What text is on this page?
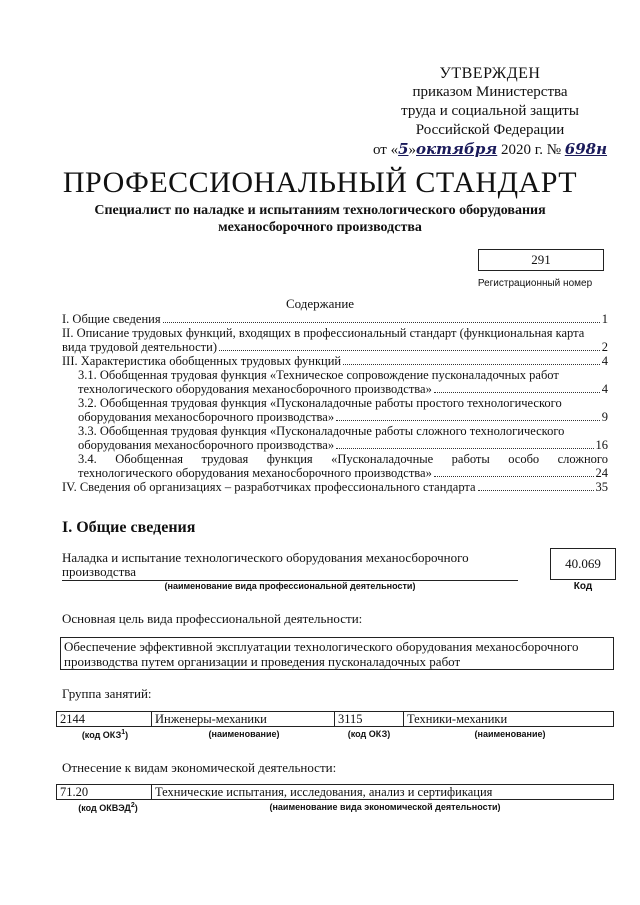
УТВЕРЖДЕН
приказом Министерства
труда и социальной защиты
Российской Федерации
от «5»октября 2020 г. № 698н
ПРОФЕССИОНАЛЬНЫЙ СТАНДАРТ
Специалист по наладке и испытаниям технологического оборудования механосборочного производства
291
Регистрационный номер
Содержание
I. Общие сведения	1
II. Описание трудовых функций, входящих в профессиональный стандарт (функциональная карта
вида трудовой деятельности)	2
III. Характеристика обобщенных трудовых функций	4
3.1. Обобщенная трудовая функция «Техническое сопровождение пусконаладочных работ
технологического оборудования механосборочного производства»	4
3.2. Обобщенная трудовая функция «Пусконаладочные работы простого технологического
оборудования механосборочного производства»	9
3.3. Обобщенная трудовая функция «Пусконаладочные работы сложного технологического
оборудования механосборочного производства»	16
3.4. Обобщенная трудовая функция «Пусконаладочные работы особо сложного
технологического оборудования механосборочного производства»	24
IV. Сведения об организациях – разработчиках профессионального стандарта	35
I. Общие сведения
Наладка и испытание технологического оборудования механосборочного производства
(наименование вида профессиональной деятельности)
40.069
Код
Основная цель вида профессиональной деятельности:
Обеспечение эффективной эксплуатации технологического оборудования механосборочного производства путем организации и проведения пусконаладочных работ
Группа занятий:
2144	Инженеры-механики	3115	Техники-механики
(код ОКЗ$^1$)	(наименование)	(код ОКЗ)	(наименование)
Отнесение к видам экономической деятельности:
71.20	Технические испытания, исследования, анализ и сертификация
(код ОКВЭД$^2$)	(наименование вида экономической деятельности)
